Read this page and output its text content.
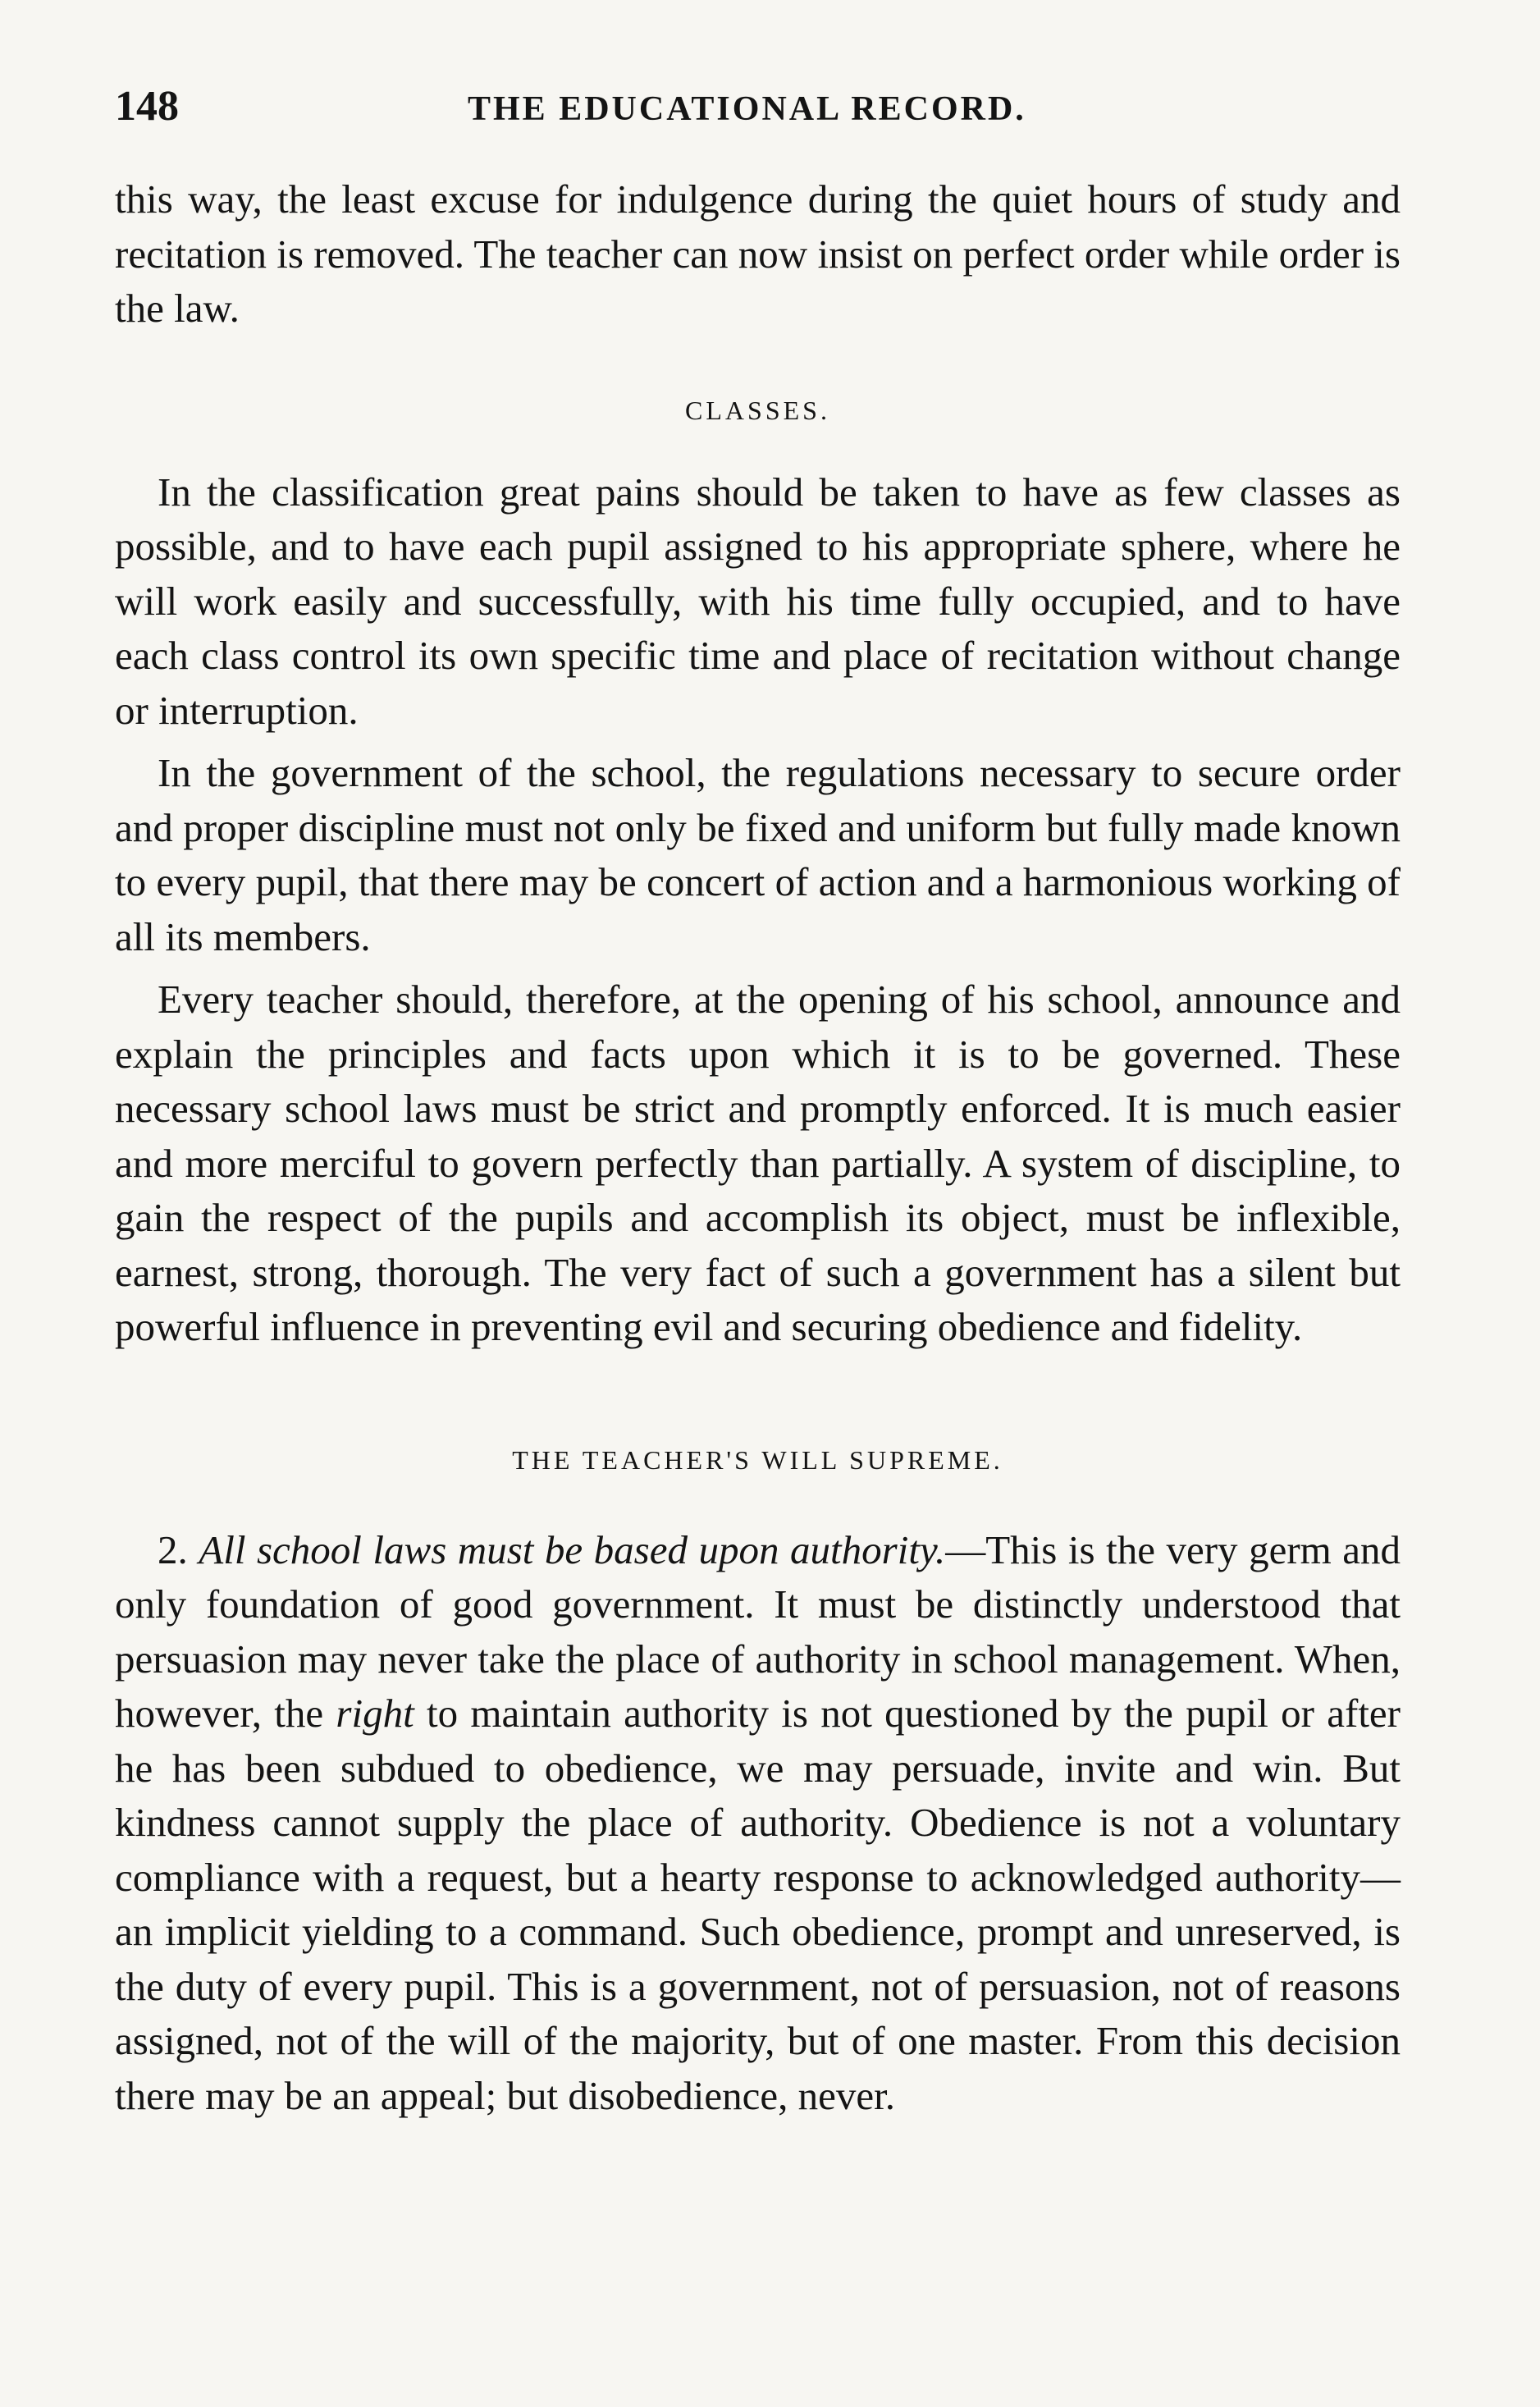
148	THE EDUCATIONAL RECORD.

this way, the least excuse for indulgence during the quiet hours of study and recitation is removed. The teacher can now insist on perfect order while order is the law.

CLASSES.

In the classification great pains should be taken to have as few classes as possible, and to have each pupil assigned to his appropriate sphere, where he will work easily and successfully, with his time fully occupied, and to have each class control its own specific time and place of recitation without change or interruption.

In the government of the school, the regulations necessary to secure order and proper discipline must not only be fixed and uniform but fully made known to every pupil, that there may be concert of action and a harmonious working of all its members.

Every teacher should, therefore, at the opening of his school, announce and explain the principles and facts upon which it is to be governed. These necessary school laws must be strict and promptly enforced. It is much easier and more merciful to govern perfectly than partially. A system of discipline, to gain the respect of the pupils and accomplish its object, must be inflexible, earnest, strong, thorough. The very fact of such a government has a silent but powerful influence in preventing evil and securing obedience and fidelity.

THE TEACHER'S WILL SUPREME.

2. All school laws must be based upon authority.—This is the very germ and only foundation of good government. It must be distinctly understood that persuasion may never take the place of authority in school management. When, however, the right to maintain authority is not questioned by the pupil or after he has been subdued to obedience, we may persuade, invite and win. But kindness cannot supply the place of authority. Obedience is not a voluntary compliance with a request, but a hearty response to acknowledged authority—an implicit yielding to a command. Such obedience, prompt and unreserved, is the duty of every pupil. This is a government, not of persuasion, not of reasons assigned, not of the will of the majority, but of one master. From this decision there may be an appeal; but disobedience, never.
